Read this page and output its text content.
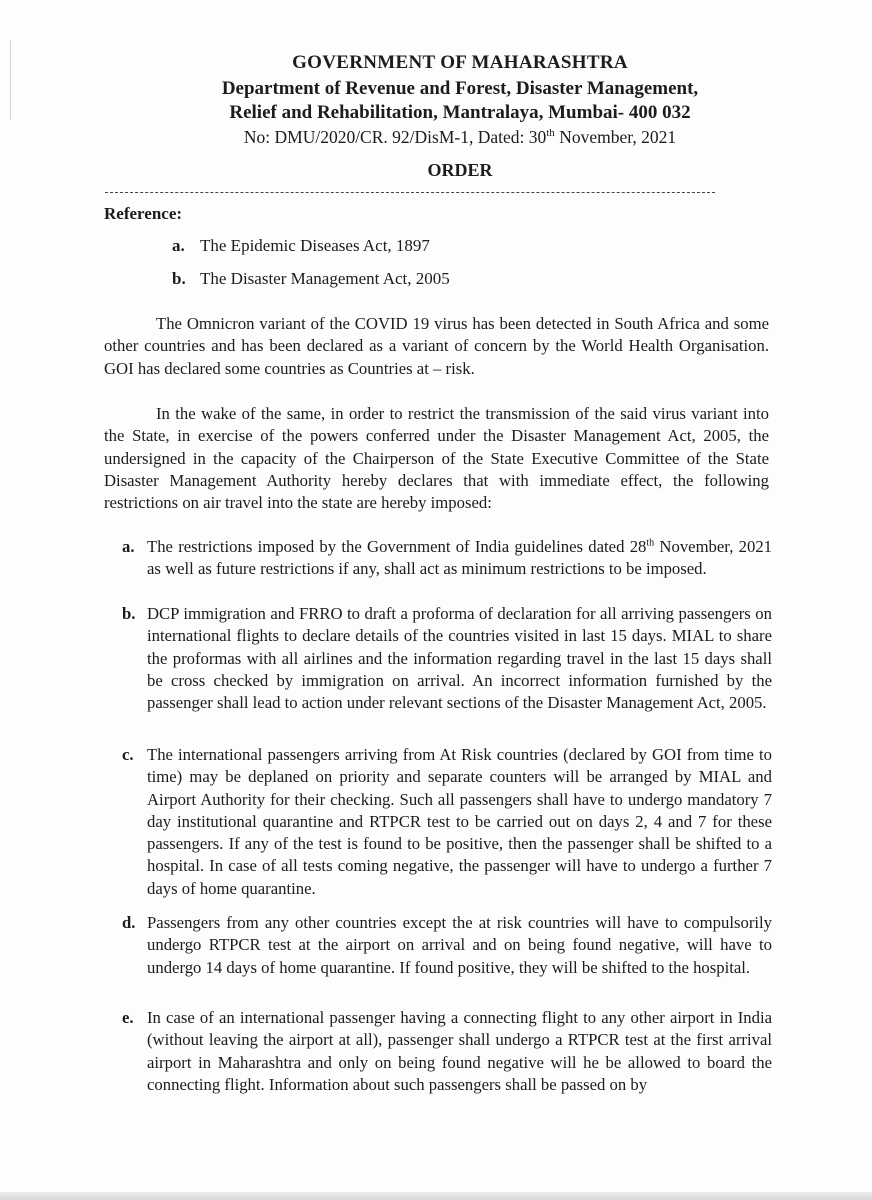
GOVERNMENT OF MAHARASHTRA
Department of Revenue and Forest, Disaster Management,
Relief and Rehabilitation, Mantralaya, Mumbai- 400 032
No: DMU/2020/CR. 92/DisM-1, Dated: 30th November, 2021
ORDER
Reference:
a. The Epidemic Diseases Act, 1897
b. The Disaster Management Act, 2005

The Omnicron variant of the COVID 19 virus has been detected in South Africa and some other countries and has been declared as a variant of concern by the World Health Organisation. GOI has declared some countries as Countries at – risk.

In the wake of the same, in order to restrict the transmission of the said virus variant into the State, in exercise of the powers conferred under the Disaster Management Act, 2005, the undersigned in the capacity of the Chairperson of the State Executive Committee of the State Disaster Management Authority hereby declares that with immediate effect, the following restrictions on air travel into the state are hereby imposed:

a. The restrictions imposed by the Government of India guidelines dated 28th November, 2021 as well as future restrictions if any, shall act as minimum restrictions to be imposed.
b. DCP immigration and FRRO to draft a proforma of declaration for all arriving passengers on international flights to declare details of the countries visited in last 15 days. MIAL to share the proformas with all airlines and the information regarding travel in the last 15 days shall be cross checked by immigration on arrival. An incorrect information furnished by the passenger shall lead to action under relevant sections of the Disaster Management Act, 2005.
c. The international passengers arriving from At Risk countries (declared by GOI from time to time) may be deplaned on priority and separate counters will be arranged by MIAL and Airport Authority for their checking. Such all passengers shall have to undergo mandatory 7 day institutional quarantine and RTPCR test to be carried out on days 2, 4 and 7 for these passengers. If any of the test is found to be positive, then the passenger shall be shifted to a hospital. In case of all tests coming negative, the passenger will have to undergo a further 7 days of home quarantine.
d. Passengers from any other countries except the at risk countries will have to compulsorily undergo RTPCR test at the airport on arrival and on being found negative, will have to undergo 14 days of home quarantine. If found positive, they will be shifted to the hospital.
e. In case of an international passenger having a connecting flight to any other airport in India (without leaving the airport at all), passenger shall undergo a RTPCR test at the first arrival airport in Maharashtra and only on being found negative will he be allowed to board the connecting flight. Information about such passengers shall be passed on by
